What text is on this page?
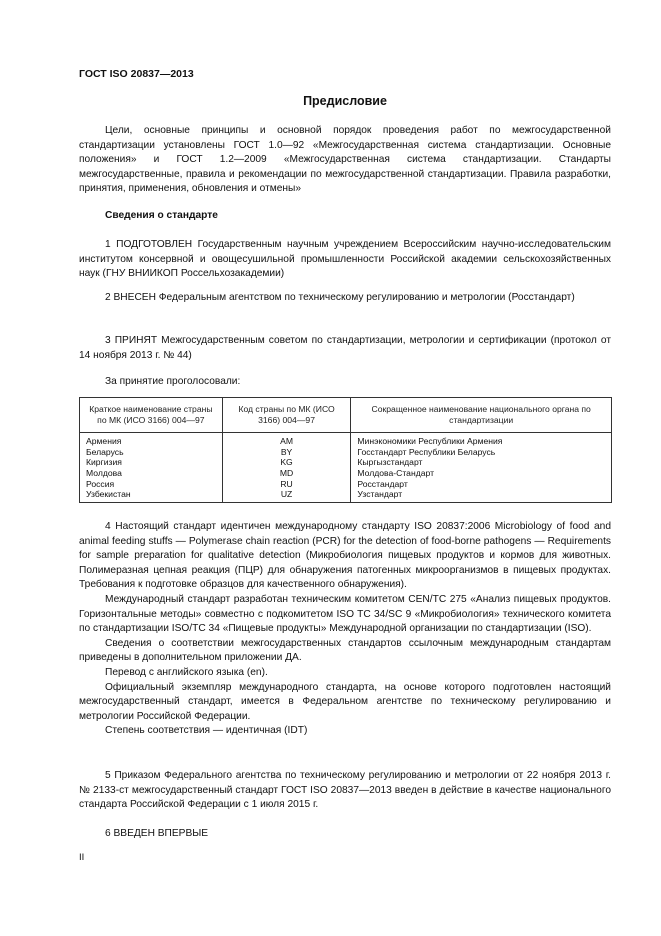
ГОСТ ISO 20837—2013
Предисловие

Цели, основные принципы и основной порядок проведения работ по межгосударственной стандартизации установлены ГОСТ 1.0—92 «Межгосударственная система стандартизации. Основные положения» и ГОСТ 1.2—2009 «Межгосударственная система стандартизации. Стандарты межгосударственные, правила и рекомендации по межгосударственной стандартизации. Правила разработки, принятия, применения, обновления и отмены»

Сведения о стандарте

1 ПОДГОТОВЛЕН Государственным научным учреждением Всероссийским научно-исследовательским институтом консервной и овощесушильной промышленности Российской академии сельскохозяйственных наук (ГНУ ВНИИКОП Россельхозакадемии)

2 ВНЕСЕН Федеральным агентством по техническому регулированию и метрологии (Росстандарт)

3 ПРИНЯТ Межгосударственным советом по стандартизации, метрологии и сертификации (протокол от 14 ноября 2013 г. № 44)

За принятие проголосовали:

Краткое наименование страны по МК (ИСО 3166) 004—97	Код страны по МК (ИСО 3166) 004—97	Сокращенное наименование национального органа по стандартизации
Армения	AM	Минэкономики Республики Армения
Беларусь	BY	Госстандарт Республики Беларусь
Киргизия	KG	Кыргызстандарт
Молдова	MD	Молдова-Стандарт
Россия	RU	Росстандарт
Узбекистан	UZ	Узстандарт

4 Настоящий стандарт идентичен международному стандарту ISO 20837:2006 Microbiology of food and animal feeding stuffs — Polymerase chain reaction (PCR) for the detection of food-borne pathogens — Requirements for sample preparation for qualitative detection (Микробиология пищевых продуктов и кормов для животных. Полимеразная цепная реакция (ПЦР) для обнаружения патогенных микроорганизмов в пищевых продуктах. Требования к подготовке образцов для качественного обнаружения).

Международный стандарт разработан техническим комитетом CEN/TC 275 «Анализ пищевых продуктов. Горизонтальные методы» совместно с подкомитетом ISO TC 34/SC 9 «Микробиология» технического комитета по стандартизации ISO/TC 34 «Пищевые продукты» Международной организации по стандартизации (ISO).

Сведения о соответствии межгосударственных стандартов ссылочным международным стандартам приведены в дополнительном приложении ДА.

Перевод с английского языка (en).

Официальный экземпляр международного стандарта, на основе которого подготовлен настоящий межгосударственный стандарт, имеется в Федеральном агентстве по техническому регулированию и метрологии Российской Федерации.

Степень соответствия — идентичная (IDT)

5 Приказом Федерального агентства по техническому регулированию и метрологии от 22 ноября 2013 г. № 2133-ст межгосударственный стандарт ГОСТ ISO 20837—2013 введен в действие в качестве национального стандарта Российской Федерации с 1 июля 2015 г.

6 ВВЕДЕН ВПЕРВЫЕ

II
